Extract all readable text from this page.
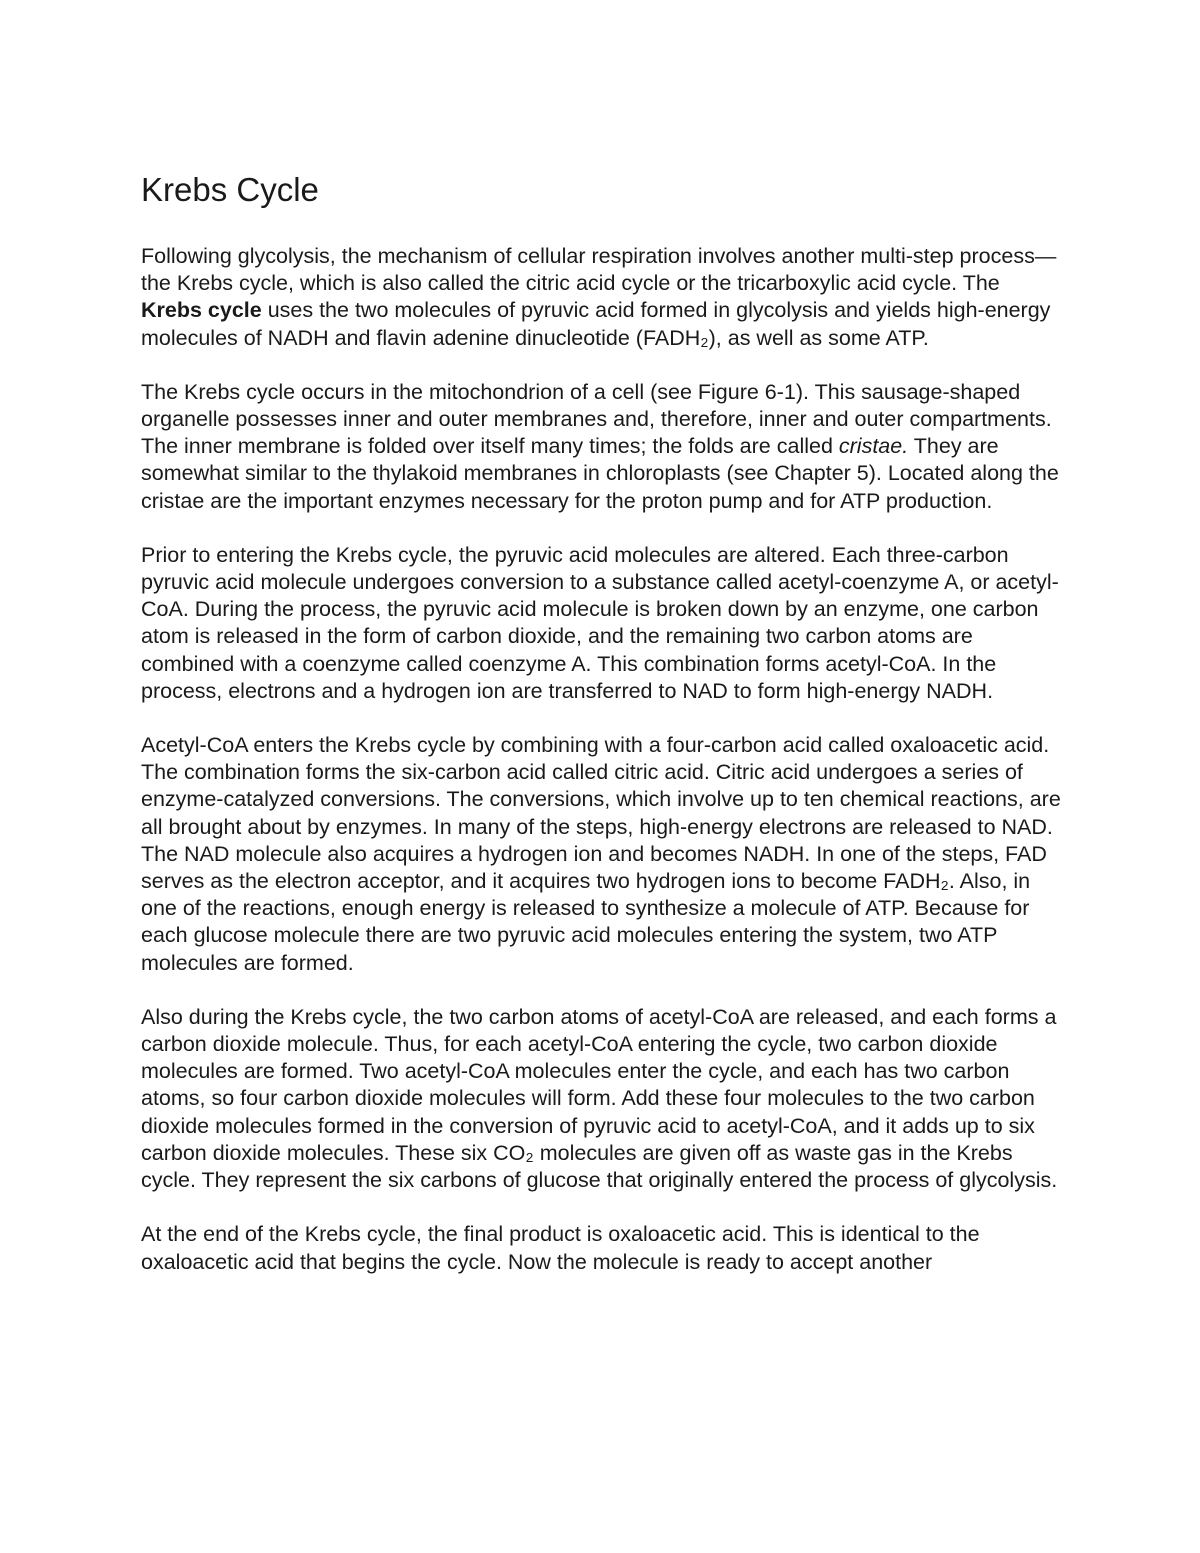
Krebs Cycle

Following glycolysis, the mechanism of cellular respiration involves another multi-step process—the Krebs cycle, which is also called the citric acid cycle or the tricarboxylic acid cycle. The Krebs cycle uses the two molecules of pyruvic acid formed in glycolysis and yields high-energy molecules of NADH and flavin adenine dinucleotide (FADH₂), as well as some ATP.

The Krebs cycle occurs in the mitochondrion of a cell (see Figure 6-1). This sausage-shaped organelle possesses inner and outer membranes and, therefore, inner and outer compartments. The inner membrane is folded over itself many times; the folds are called cristae. They are somewhat similar to the thylakoid membranes in chloroplasts (see Chapter 5). Located along the cristae are the important enzymes necessary for the proton pump and for ATP production.

Prior to entering the Krebs cycle, the pyruvic acid molecules are altered. Each three-carbon pyruvic acid molecule undergoes conversion to a substance called acetyl-coenzyme A, or acetyl-CoA. During the process, the pyruvic acid molecule is broken down by an enzyme, one carbon atom is released in the form of carbon dioxide, and the remaining two carbon atoms are combined with a coenzyme called coenzyme A. This combination forms acetyl-CoA. In the process, electrons and a hydrogen ion are transferred to NAD to form high-energy NADH.

Acetyl-CoA enters the Krebs cycle by combining with a four-carbon acid called oxaloacetic acid. The combination forms the six-carbon acid called citric acid. Citric acid undergoes a series of enzyme-catalyzed conversions. The conversions, which involve up to ten chemical reactions, are all brought about by enzymes. In many of the steps, high-energy electrons are released to NAD. The NAD molecule also acquires a hydrogen ion and becomes NADH. In one of the steps, FAD serves as the electron acceptor, and it acquires two hydrogen ions to become FADH₂. Also, in one of the reactions, enough energy is released to synthesize a molecule of ATP. Because for each glucose molecule there are two pyruvic acid molecules entering the system, two ATP molecules are formed.

Also during the Krebs cycle, the two carbon atoms of acetyl-CoA are released, and each forms a carbon dioxide molecule. Thus, for each acetyl-CoA entering the cycle, two carbon dioxide molecules are formed. Two acetyl-CoA molecules enter the cycle, and each has two carbon atoms, so four carbon dioxide molecules will form. Add these four molecules to the two carbon dioxide molecules formed in the conversion of pyruvic acid to acetyl-CoA, and it adds up to six carbon dioxide molecules. These six CO₂ molecules are given off as waste gas in the Krebs cycle. They represent the six carbons of glucose that originally entered the process of glycolysis.

At the end of the Krebs cycle, the final product is oxaloacetic acid. This is identical to the oxaloacetic acid that begins the cycle. Now the molecule is ready to accept another
